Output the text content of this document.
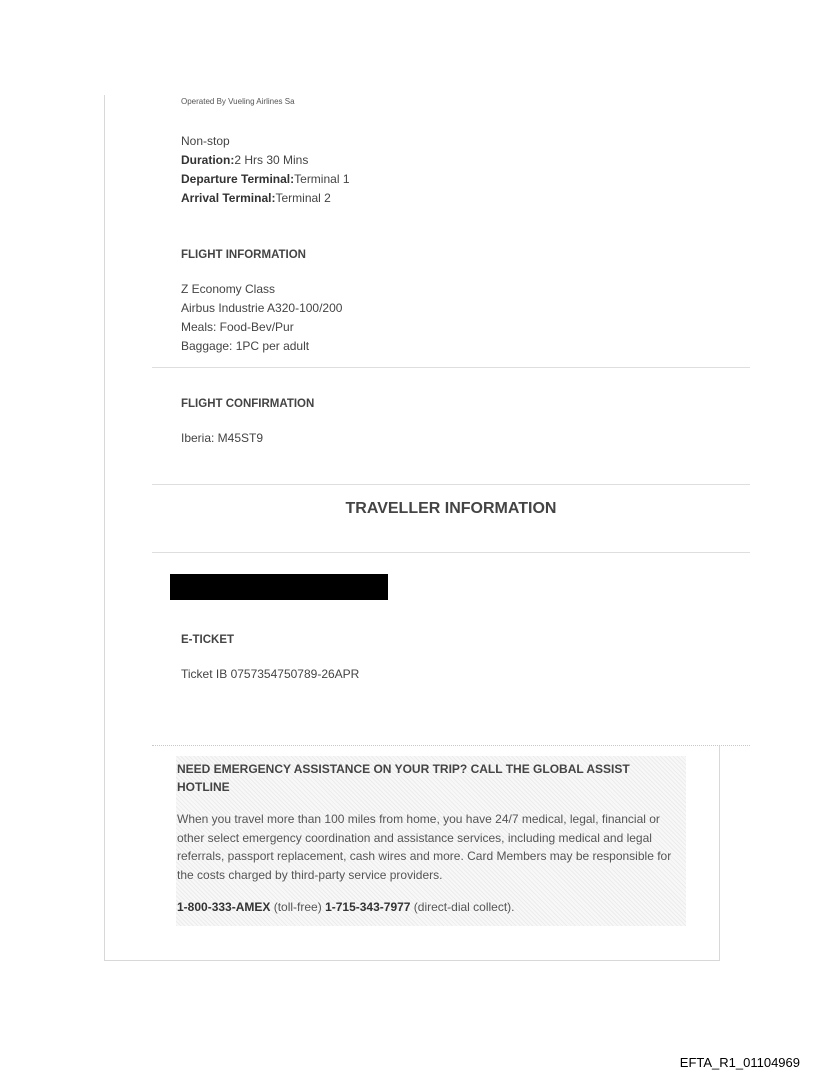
Operated By Vueling Airlines Sa
Non-stop
Duration:2 Hrs 30 Mins
Departure Terminal:Terminal 1
Arrival Terminal:Terminal 2
FLIGHT INFORMATION
Z Economy Class
Airbus Industrie A320-100/200
Meals: Food-Bev/Pur
Baggage: 1PC per adult
FLIGHT CONFIRMATION
Iberia: M45ST9
TRAVELLER INFORMATION
E-TICKET
Ticket IB 0757354750789-26APR
NEED EMERGENCY ASSISTANCE ON YOUR TRIP? CALL THE GLOBAL ASSIST HOTLINE
When you travel more than 100 miles from home, you have 24/7 medical, legal, financial or other select emergency coordination and assistance services, including medical and legal referrals, passport replacement, cash wires and more. Card Members may be responsible for the costs charged by third-party service providers.
1-800-333-AMEX (toll-free) 1-715-343-7977 (direct-dial collect).
EFTA_R1_01104969
